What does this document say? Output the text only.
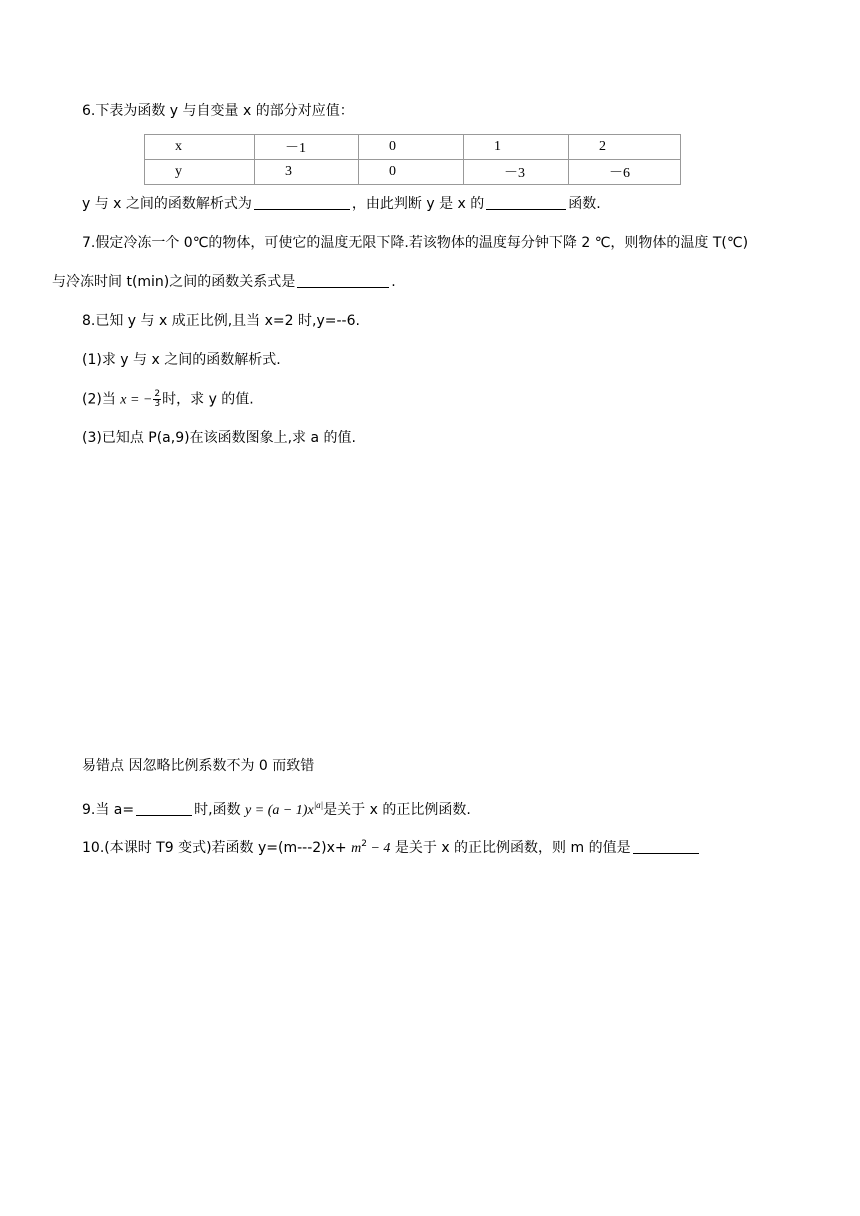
6.下表为函数 y 与自变量 x 的部分对应值：
x	－1	0	1	2
y	3	0	－3	－6
y 与 x 之间的函数解析式为	，由此判断 y 是 x 的	函数.
7.假定冷冻一个 0℃的物体，可使它的温度无限下降.若该物体的温度每分钟下降 2 ℃，则物体的温度 T(℃)
与冷冻时间 t(min)之间的函数关系式是	.
8.已知 y 与 x 成正比例,且当 x=2 时,y=--6.
(1)求 y 与 x 之间的函数解析式.
(2)当 x = − $\frac{2}{3}$ 时，求 y 的值.
(3)已知点 P(a,9)在该函数图象上,求 a 的值.
易错点 因忽略比例系数不为 0 而致错
9.当 a=	时,函数 $y = (a - 1)x^{|a|}$是关于 x 的正比例函数.
10.(本课时 T9 变式)若函数 $y=(m---2)x+ m^2 - 4$ 是关于 x 的正比例函数，则 m 的值是
